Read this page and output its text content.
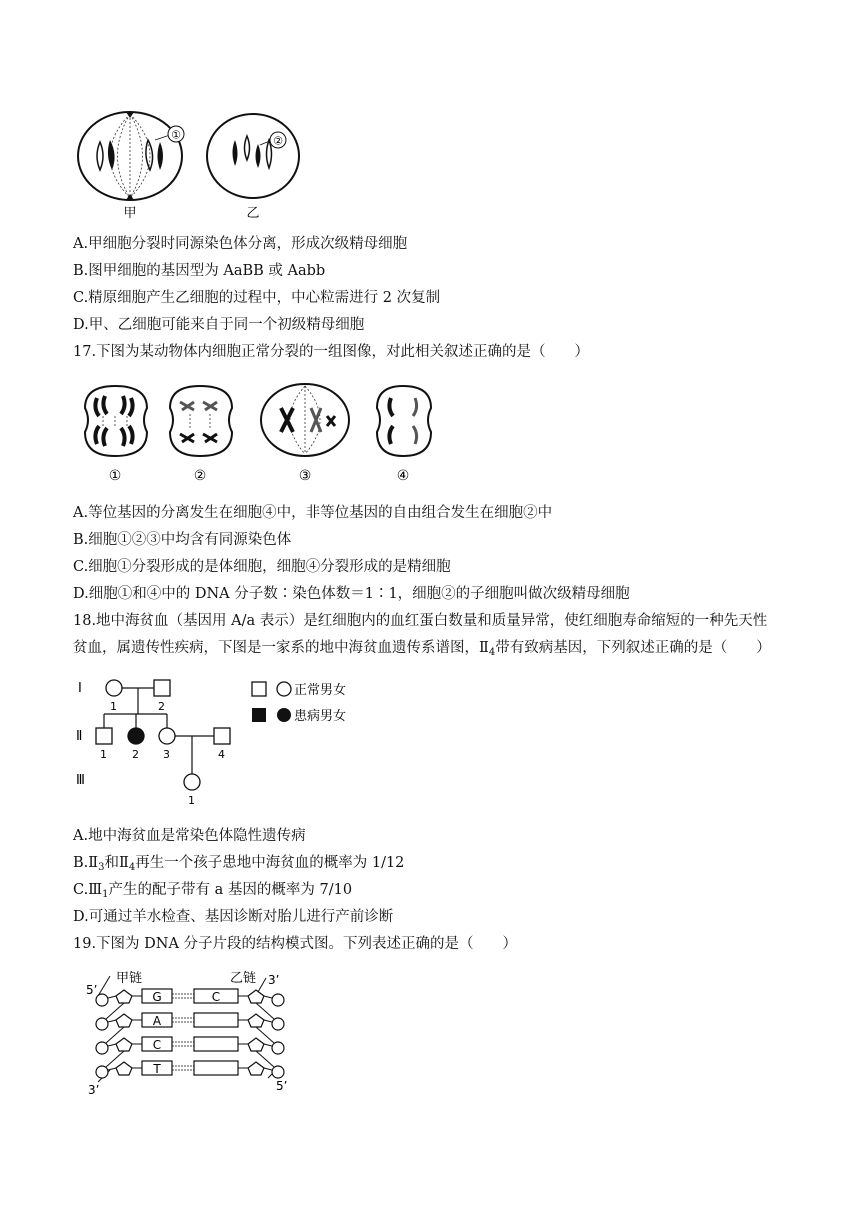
①
甲
②
乙
A.甲细胞分裂时同源染色体分离，形成次级精母细胞
B.图甲细胞的基因型为 AaBB 或 Aabb
C.精原细胞产生乙细胞的过程中，中心粒需进行 2 次复制
D.甲、乙细胞可能来自于同一个初级精母细胞
17.下图为某动物体内细胞正常分裂的一组图像，对此相关叙述正确的是（　　）
①	②	③	④
A.等位基因的分离发生在细胞④中，非等位基因的自由组合发生在细胞②中
B.细胞①②③中均含有同源染色体
C.细胞①分裂形成的是体细胞，细胞④分裂形成的是精细胞
D.细胞①和④中的 DNA 分子数∶染色体数＝1∶1，细胞②的子细胞叫做次级精母细胞
18.地中海贫血（基因用 A/a 表示）是红细胞内的血红蛋白数量和质量异常，使红细胞寿命缩短的一种先天性
贫血，属遗传性疾病，下图是一家系的地中海贫血遗传系谱图，$Ⅱ_4$带有致病基因，下列叙述正确的是（　　）
Ⅰ
Ⅱ
Ⅲ
1	2
1 2 3	4
1
正常男女
患病男女
A.地中海贫血是常染色体隐性遗传病
$B.Ⅱ_3$和$Ⅱ_4$再生一个孩子患地中海贫血的概率为 1/12
$C.Ⅲ_1$产生的配子带有 a 基因的概率为 7/10
D.可通过羊水检查、基因诊断对胎儿进行产前诊断
19.下图为 DNA 分子片段的结构模式图。下列表述正确的是（　　）
甲链	乙链
5’
3’
3’	5’
G	C
A
C
T
